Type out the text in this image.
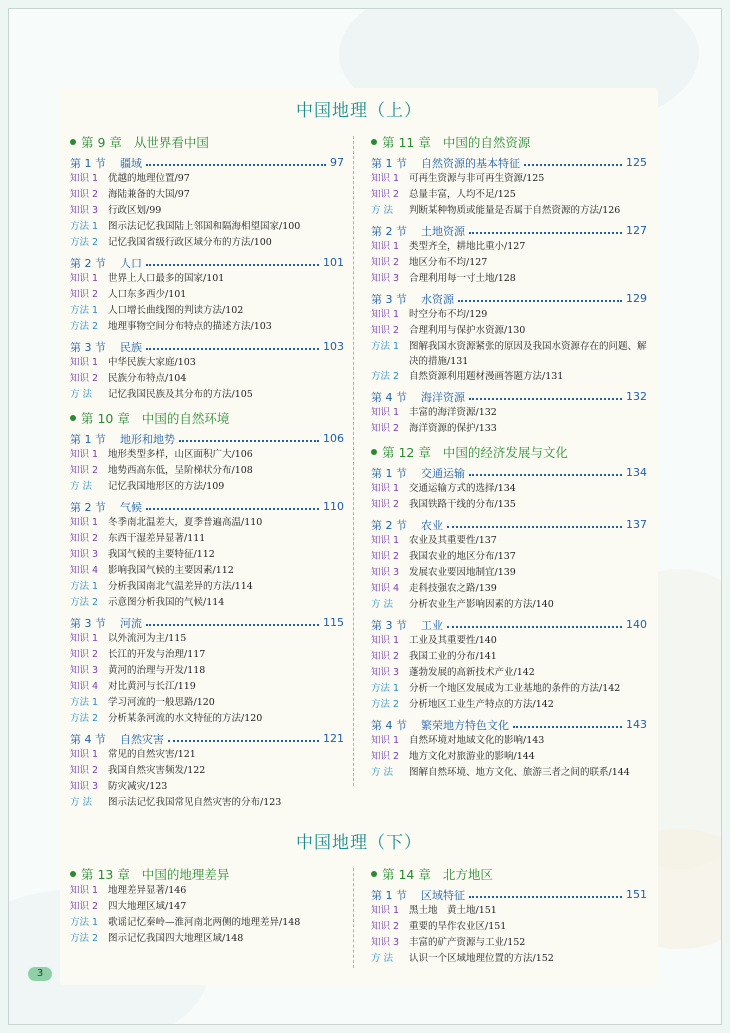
中国地理（上）
第 9 章 从世界看中国
第 1 节 疆域	97
知识 1	优越的地理位置/97
知识 2	海陆兼备的大国/97
知识 3	行政区划/99
方法 1	图示法记忆我国陆上邻国和隔海相望国家/100
方法 2	记忆我国省级行政区域分布的方法/100
第 2 节 人口	101
知识 1	世界上人口最多的国家/101
知识 2	人口东多西少/101
方法 1	人口增长曲线图的判读方法/102
方法 2	地理事物空间分布特点的描述方法/103
第 3 节 民族	103
知识 1	中华民族大家庭/103
知识 2	民族分布特点/104
方 法	记忆我国民族及其分布的方法/105
第 10 章 中国的自然环境
第 1 节 地形和地势	106
知识 1	地形类型多样，山区面积广大/106
知识 2	地势西高东低，呈阶梯状分布/108
方 法	记忆我国地形区的方法/109
第 2 节 气候	110
知识 1	冬季南北温差大，夏季普遍高温/110
知识 2	东西干湿差异显著/111
知识 3	我国气候的主要特征/112
知识 4	影响我国气候的主要因素/112
方法 1	分析我国南北气温差异的方法/114
方法 2	示意图分析我国的气候/114
第 3 节 河流	115
知识 1	以外流河为主/115
知识 2	长江的开发与治理/117
知识 3	黄河的治理与开发/118
知识 4	对比黄河与长江/119
方法 1	学习河流的一般思路/120
方法 2	分析某条河流的水文特征的方法/120
第 4 节 自然灾害	121
知识 1	常见的自然灾害/121
知识 2	我国自然灾害频发/122
知识 3	防灾减灾/123
方 法	图示法记忆我国常见自然灾害的分布/123
第 11 章 中国的自然资源
第 1 节 自然资源的基本特征	125
知识 1	可再生资源与非可再生资源/125
知识 2	总量丰富，人均不足/125
方 法	判断某种物质或能量是否属于自然资源的方法/126
第 2 节 土地资源	127
知识 1	类型齐全，耕地比重小/127
知识 2	地区分布不均/127
知识 3	合理利用每一寸土地/128
第 3 节 水资源	129
知识 1	时空分布不均/129
知识 2	合理利用与保护水资源/130
方法 1	图解我国水资源紧张的原因及我国水资源存在的问题、解决的措施/131
方法 2	自然资源利用题材漫画答题方法/131
第 4 节 海洋资源	132
知识 1	丰富的海洋资源/132
知识 2	海洋资源的保护/133
第 12 章 中国的经济发展与文化
第 1 节 交通运输	134
知识 1	交通运输方式的选择/134
知识 2	我国铁路干线的分布/135
第 2 节 农业	137
知识 1	农业及其重要性/137
知识 2	我国农业的地区分布/137
知识 3	发展农业要因地制宜/139
知识 4	走科技强农之路/139
方 法	分析农业生产影响因素的方法/140
第 3 节 工业	140
知识 1	工业及其重要性/140
知识 2	我国工业的分布/141
知识 3	蓬勃发展的高新技术产业/142
方法 1	分析一个地区发展成为工业基地的条件的方法/142
方法 2	分析地区工业生产特点的方法/142
第 4 节 繁荣地方特色文化	143
知识 1	自然环境对地域文化的影响/143
知识 2	地方文化对旅游业的影响/144
方 法	图解自然环境、地方文化、旅游三者之间的联系/144
中国地理（下）
第 13 章 中国的地理差异
知识 1	地理差异显著/146
知识 2	四大地理区域/147
方法 1	歌谣记忆秦岭—淮河南北两侧的地理差异/148
方法 2	图示记忆我国四大地理区域/148
第 14 章 北方地区
第 1 节 区域特征	151
知识 1	黑土地　黄土地/151
知识 2	重要的旱作农业区/151
知识 3	丰富的矿产资源与工业/152
方 法	认识一个区域地理位置的方法/152
3
